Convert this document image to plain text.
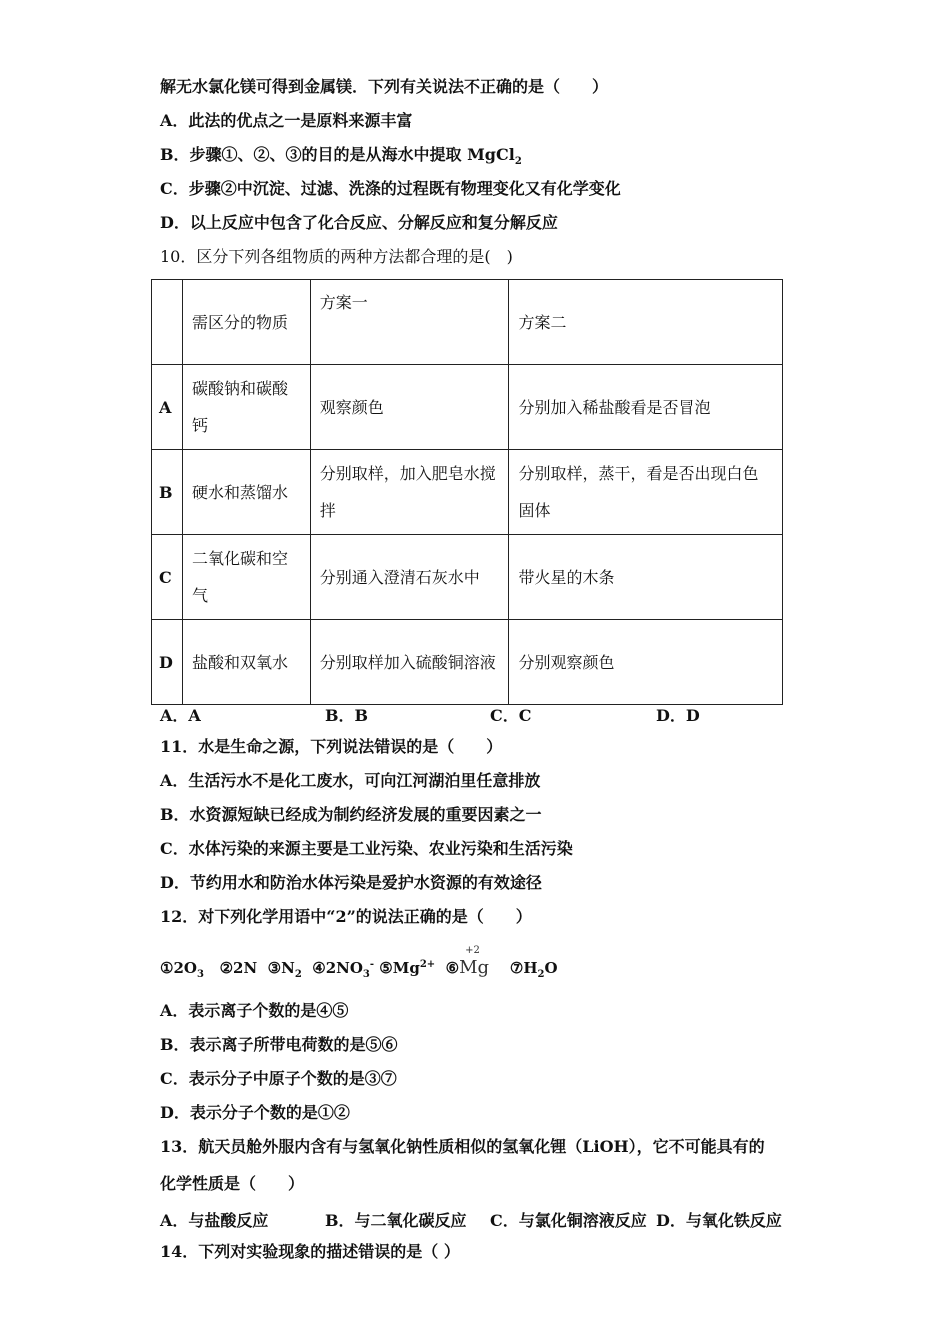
解无水氯化镁可得到金属镁．下列有关说法不正确的是（　　）
A．此法的优点之一是原料来源丰富
B．步骤①、②、③的目的是从海水中提取 MgCl$_2$
C．步骤②中沉淀、过滤、洗涤的过程既有物理变化又有化学变化
D．以上反应中包含了化合反应、分解反应和复分解反应
10．区分下列各组物质的两种方法都合理的是(　)
	需区分的物质	方案一	方案二
A	碳酸钠和碳酸钙	观察颜色	分别加入稀盐酸看是否冒泡
B	硬水和蒸馏水	分别取样，加入肥皂水搅拌	分别取样，蒸干，看是否出现白色固体
C	二氧化碳和空气	分别通入澄清石灰水中	带火星的木条
D	盐酸和双氧水	分别取样加入硫酸铜溶液	分别观察颜色
A．A	B．B	C．C	D．D
11．水是生命之源，下列说法错误的是（　　）
A．生活污水不是化工废水，可向江河湖泊里任意排放
B．水资源短缺已经成为制约经济发展的重要因素之一
C．水体污染的来源主要是工业污染、农业污染和生活污染
D．节约用水和防治水体污染是爱护水资源的有效途径
12．对下列化学用语中“2”的说法正确的是（　　）
$①2O_3$ ②2N $③N_2$ $④2NO_3^-$ $⑤Mg^{2+}$ ⑥
+2
Mg $⑦H_2O$
A．表示离子个数的是④⑤
B．表示离子所带电荷数的是⑤⑥
C．表示分子中原子个数的是③⑦
D．表示分子个数的是①②
13．航天员舱外服内含有与氢氧化钠性质相似的氢氧化锂（LiOH），它不可能具有的
化学性质是（　　）
A．与盐酸反应	B．与二氧化碳反应 C．与氯化铜溶液反应 D．与氧化铁反应
14．下列对实验现象的描述错误的是（ ）
